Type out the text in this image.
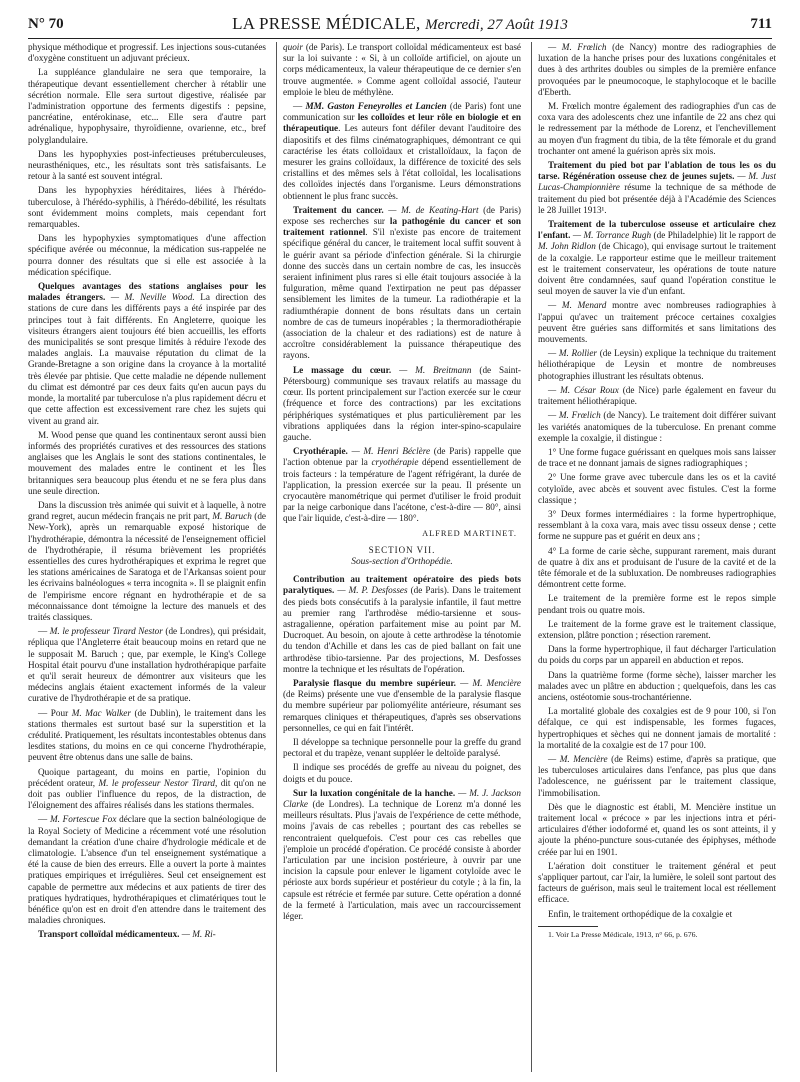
N° 70	LA PRESSE MÉDICALE, Mercredi, 27 Août 1913	711

physique méthodique et progressif. Les injections sous-cutanées d'oxygène constituent un adjuvant précieux.

La suppléance glandulaire ne sera que temporaire, la thérapeutique devant essentiellement chercher à rétablir une sécrétion normale. Elle sera surtout digestive, réalisée par l'administration opportune des ferments digestifs : pepsine, pancréatine, entérokinase, etc... Elle sera d'autre part adrénalique, hypophysaire, thyroïdienne, ovarienne, etc., bref polyglandulaire.

Dans les hypophyxies post-infectieuses prétuberculeuses, neurasthéniques, etc., les résultats sont très satisfaisants. Le retour à la santé est souvent intégral.

Dans les hypophyxies héréditaires, liées à l'hérédo-tuberculose, à l'hérédo-syphilis, à l'hérédo-débilité, les résultats sont évidemment moins complets, mais cependant fort remarquables.

Dans les hypophyxies symptomatiques d'une affection spécifique avérée ou méconnue, la médication sus-rappelée ne pourra donner des résultats que si elle est associée à la médication spécifique.

Quelques avantages des stations anglaises pour les malades étrangers. — M. Neville Wood. La direction des stations de cure dans les différents pays a été inspirée par des principes tout à fait différents. En Angleterre, quoique les visiteurs étrangers aient toujours été bien accueillis, les efforts des municipalités se sont presque limités à réduire l'exode des malades anglais. La mauvaise réputation du climat de la Grande-Bretagne a son origine dans la croyance à la mortalité très élevée par phtisie. Que cette maladie ne dépende nullement du climat est démontré par ces deux faits qu'en aucun pays du monde, la mortalité par tuberculose n'a plus rapidement décru et que cette affection est excessivement rare chez les sujets qui vivent au grand air.

M. Wood pense que quand les continentaux seront aussi bien informés des propriétés curatives et des ressources des stations anglaises que les Anglais le sont des stations continentales, le mouvement des malades entre le continent et les Îles britanniques sera beaucoup plus étendu et ne se fera plus dans une seule direction.

Dans la discussion très animée qui suivit et à laquelle, à notre grand regret, aucun médecin français ne prit part, M. Baruch (de New-York), après un remarquable exposé historique de l'hydrothérapie, démontra la nécessité de l'enseignement officiel de l'hydrothérapie, il résuma brièvement les propriétés essentielles des cures hydrothérapiques et exprima le regret que les stations américaines de Saratoga et de l'Arkansas soient pour les écrivains balnéologues « terra incognita ». Il se plaignit enfin de l'empirisme encore régnant en hydrothérapie et de sa méconnaissance dont témoigne la lecture des manuels et des traités classiques.

— M. le professeur Tirard Nestor (de Londres), qui présidait, répliqua que l'Angleterre était beaucoup moins en retard que ne le supposait M. Baruch ; que, par exemple, le King's College Hospital était pourvu d'une installation hydrothérapique parfaite et qu'il serait heureux de démontrer aux visiteurs que les médecins anglais étaient exactement informés de la valeur curative de l'hydrothérapie et de sa pratique.

— Pour M. Mac Walker (de Dublin), le traitement dans les stations thermales est surtout basé sur la superstition et la crédulité. Pratiquement, les résultats incontestables obtenus dans lesdites stations, du moins en ce qui concerne l'hydrothérapie, peuvent être obtenus dans une salle de bains.

Quoique partageant, du moins en partie, l'opinion du précédent orateur, M. le professeur Nestor Tirard, dit qu'on ne doit pas oublier l'influence du repos, de la distraction, de l'éloignement des affaires réalisés dans les stations thermales.

— M. Fortescue Fox déclare que la section balnéologique de la Royal Society of Medicine a récemment voté une résolution demandant la création d'une chaire d'hydrologie médicale et de climatologie. L'absence d'un tel enseignement systématique a été la cause de bien des erreurs. Elle a ouvert la porte à maintes pratiques empiriques et irrégulières. Seul cet enseignement est capable de permettre aux médecins et aux patients de tirer des pratiques hydratiques, hydrothérapiques et climatériques tout le bénéfice qu'on est en droit d'en attendre dans le traitement des maladies chroniques.

Transport colloïdal médicamenteux. — M. Ri-

quoir (de Paris). Le transport colloïdal médicamenteux est basé sur la loi suivante : « Si, à un colloïde artificiel, on ajoute un corps médicamenteux, la valeur thérapeutique de ce dernier s'en trouve augmentée. » Comme agent colloïdal associé, l'auteur emploie le bleu de méthylène.

— MM. Gaston Feneyrolles et Lancien (de Paris) font une communication sur les colloïdes et leur rôle en biologie et en thérapeutique. Les auteurs font défiler devant l'auditoire des diapositifs et des films cinématographiques, démontrant ce qui caractérise les états colloïdaux et cristalloïdaux, la façon de mesurer les grains colloïdaux, la différence de toxicité des sels cristallins et des mêmes sels à l'état colloïdal, les localisations des colloïdes injectés dans l'organisme. Leurs démonstrations obtiennent le plus franc succès.

Traitement du cancer. — M. de Keating-Hart (de Paris) expose ses recherches sur la pathogénie du cancer et son traitement rationnel. S'il n'existe pas encore de traitement spécifique général du cancer, le traitement local suffit souvent à le guérir avant sa période d'infection générale. Si la chirurgie donne des succès dans un certain nombre de cas, les insuccès seraient infiniment plus rares si elle était toujours associée à la fulguration, même quand l'extirpation ne peut pas dépasser sensiblement les limites de la tumeur. La radiothérapie et la radiumthérapie donnent de bons résultats dans un certain nombre de cas de tumeurs inopérables ; la thermoradiothérapie (association de la chaleur et des radiations) est de nature à accroître considérablement la puissance thérapeutique des rayons.

Le massage du cœur. — M. Breitmann (de Saint-Pétersbourg) communique ses travaux relatifs au massage du cœur. Ils portent principalement sur l'action exercée sur le cœur (fréquence et force des contractions) par les excitations périphériques systématiques et plus particulièrement par les vibrations appliquées dans la région inter-spino-scapulaire gauche.

Cryothérapie. — M. Henri Béclère (de Paris) rappelle que l'action obtenue par la cryothérapie dépend essentiellement de trois facteurs : la température de l'agent réfrigérant, la durée de l'application, la pression exercée sur la peau. Il présente un cryocautère manométrique qui permet d'utiliser le froid produit par la neige carbonique dans l'acétone, c'est-à-dire — 80°, ainsi que l'air liquide, c'est-à-dire — 180°.

ALFRED MARTINET.

SECTION VII.
Sous-section d'Orthopédie.

Contribution au traitement opératoire des pieds bots paralytiques. — M. P. Desfosses (de Paris). Dans le traitement des pieds bots consécutifs à la paralysie infantile, il faut mettre au premier rang l'arthrodèse médio-tarsienne et sous-astragalienne, opération parfaitement mise au point par M. Ducroquet. Au besoin, on ajoute à cette arthrodèse la ténotomie du tendon d'Achille et dans les cas de pied ballant on fait une arthrodèse tibio-tarsienne. Par des projections, M. Desfosses montre la technique et les résultats de l'opération.

Paralysie flasque du membre supérieur. — M. Mencière (de Reims) présente une vue d'ensemble de la paralysie flasque du membre supérieur par poliomyélite antérieure, résumant ses remarques cliniques et thérapeutiques, d'après ses observations personnelles, ce qui en fait l'intérêt.

Il développe sa technique personnelle pour la greffe du grand pectoral et du trapèze, venant suppléer le deltoïde paralysé.

Il indique ses procédés de greffe au niveau du poignet, des doigts et du pouce.

Sur la luxation congénitale de la hanche. — M. J. Jackson Clarke (de Londres). La technique de Lorenz m'a donné les meilleurs résultats. Plus j'avais de l'expérience de cette méthode, moins j'avais de cas rebelles ; pourtant des cas rebelles se rencontraient quelquefois. C'est pour ces cas rebelles que j'emploie un procédé d'opération. Ce procédé consiste à aborder l'articulation par une incision postérieure, à ouvrir par une incision la capsule pour enlever le ligament cotyloïde avec le périoste aux bords supérieur et postérieur du cotyle ; à la fin, la capsule est rétrécie et fermée par suture. Cette opération a donné de la fermeté à l'articulation, mais avec un raccourcissement léger.

— M. Frœlich (de Nancy) montre des radiographies de luxation de la hanche prises pour des luxations congénitales et dues à des arthrites doubles ou simples de la première enfance provoquées par le pneumocoque, le staphylocoque et le bacille d'Eberth.

M. Frœlich montre également des radiographies d'un cas de coxa vara des adolescents chez une infantile de 22 ans chez qui le redressement par la méthode de Lorenz, et l'enchevillement au moyen d'un fragment du tibia, de la tête fémorale et du grand trochanter ont amené la guérison après six mois.

Traitement du pied bot par l'ablation de tous les os du tarse. Régénération osseuse chez de jeunes sujets. — M. Just Lucas-Championnière résume la technique de sa méthode de traitement du pied bot présentée déjà à l'Académie des Sciences le 28 Juillet 1913¹.

Traitement de la tuberculose osseuse et articulaire chez l'enfant. — M. Torrance Rugh (de Philadelphie) lit le rapport de M. John Ridlon (de Chicago), qui envisage surtout le traitement de la coxalgie. Le rapporteur estime que le meilleur traitement est le traitement conservateur, les opérations de toute nature doivent être condamnées, sauf quand l'opération constitue le seul moyen de sauver la vie d'un enfant.

— M. Menard montre avec nombreuses radiographies à l'appui qu'avec un traitement précoce certaines coxalgies peuvent être guéries sans difformités et sans limitations des mouvements.

— M. Rollier (de Leysin) explique la technique du traitement héliothérapique de Leysin et montre de nombreuses photographies illustrant les résultats obtenus.

— M. César Roux (de Nice) parle également en faveur du traitement héliothérapique.

— M. Frœlich (de Nancy). Le traitement doit différer suivant les variétés anatomiques de la tuberculose. En prenant comme exemple la coxalgie, il distingue :

1° Une forme fugace guérissant en quelques mois sans laisser de trace et ne donnant jamais de signes radiographiques ;

2° Une forme grave avec tubercule dans les os et la cavité cotyloïde, avec abcès et souvent avec fistules. C'est la forme classique ;

3° Deux formes intermédiaires : la forme hypertrophique, ressemblant à la coxa vara, mais avec tissu osseux dense ; cette forme ne suppure pas et guérit en deux ans ;

4° La forme de carie sèche, suppurant rarement, mais durant de quatre à dix ans et produisant de l'usure de la cavité et de la tête fémorale et de la subluxation. De nombreuses radiographies démontrent cette forme.

Le traitement de la première forme est le repos simple pendant trois ou quatre mois.

Le traitement de la forme grave est le traitement classique, extension, plâtre ponction ; résection rarement.

Dans la forme hypertrophique, il faut décharger l'articulation du poids du corps par un appareil en abduction et repos.

Dans la quatrième forme (forme sèche), laisser marcher les malades avec un plâtre en abduction ; quelquefois, dans les cas anciens, ostéotomie sous-trochantérienne.

La mortalité globale des coxalgies est de 9 pour 100, si l'on défalque, ce qui est indispensable, les formes fugaces, hypertrophiques et sèches qui ne donnent jamais de mortalité : la mortalité de la coxalgie est de 17 pour 100.

— M. Mencière (de Reims) estime, d'après sa pratique, que les tuberculoses articulaires dans l'enfance, pas plus que dans l'adolescence, ne guérissent par le traitement classique, l'immobilisation.

Dès que le diagnostic est établi, M. Mencière institue un traitement local « précoce » par les injections intra et péri-articulaires d'éther iodoformé et, quand les os sont atteints, il y ajoute la phéno-puncture sous-cutanée des épiphyses, méthode créée par lui en 1901.

L'aération doit constituer le traitement général et peut s'appliquer partout, car l'air, la lumière, le soleil sont partout des facteurs de guérison, mais seul le traitement local est réellement efficace.

Enfin, le traitement orthopédique de la coxalgie et

1. Voir La Presse Médicale, 1913, n° 66, p. 676.
